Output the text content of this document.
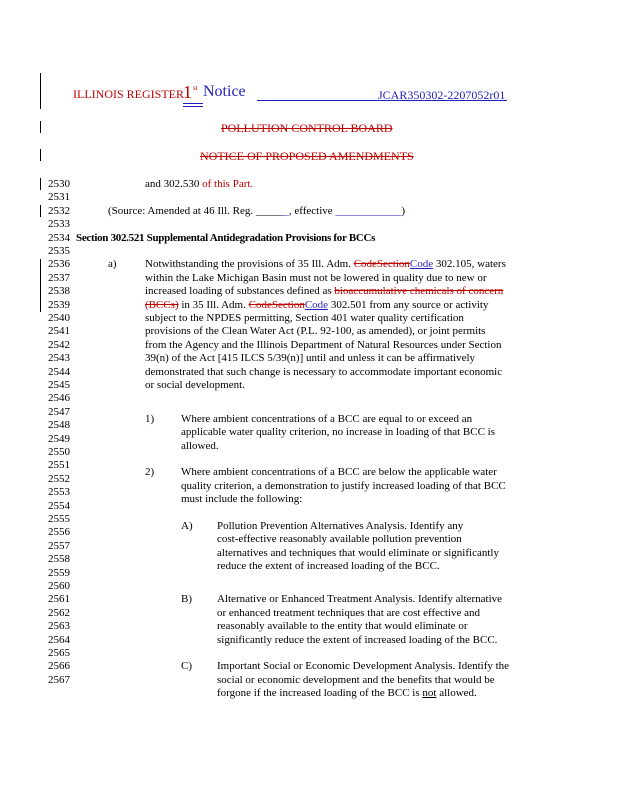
ILLINOIS REGISTER 1 st Notice	JCAR350302-2207052r01
POLLUTION CONTROL BOARD
NOTICE OF PROPOSED AMENDMENTS
2530
2531
2532
2533
2534
2535
2536
2537
2538
2539
2540
2541
2542
2543
2544
2545
2546
2547
2548
2549
2550
2551
2552
2553
2554
2555
2556
2557
2558
2559
2560
2561
2562
2563
2564
2565
2566
2567
and 302.530 of this Part.
(Source: Amended at 46 Ill. Reg. ______, effective ____________)
Section 302.521 Supplemental Antidegradation Provisions for BCCs
a)	Notwithstanding the provisions of 35 Ill. Adm. CodeSectionCode 302.105, waters
within the Lake Michigan Basin must not be lowered in quality due to new or
increased loading of substances defined as bioaccumulative chemicals of concern
(BCCs) in 35 Ill. Adm. CodeSectionCode 302.501 from any source or activity
subject to the NPDES permitting, Section 401 water quality certification
provisions of the Clean Water Act (P.L. 92-100, as amended), or joint permits
from the Agency and the Illinois Department of Natural Resources under Section
39(n) of the Act [415 ILCS 5/39(n)] until and unless it can be affirmatively
demonstrated that such change is necessary to accommodate important economic
or social development.
1) Where ambient concentrations of a BCC are equal to or exceed an
applicable water quality criterion, no increase in loading of that BCC is
allowed.
2) Where ambient concentrations of a BCC are below the applicable water
quality criterion, a demonstration to justify increased loading of that BCC
must include the following:
A) Pollution Prevention Alternatives Analysis. Identify any
cost-effective reasonably available pollution prevention
alternatives and techniques that would eliminate or significantly
reduce the extent of increased loading of the BCC.
B) Alternative or Enhanced Treatment Analysis. Identify alternative
or enhanced treatment techniques that are cost effective and
reasonably available to the entity that would eliminate or
significantly reduce the extent of increased loading of the BCC.
C) Important Social or Economic Development Analysis. Identify the
social or economic development and the benefits that would be
forgone if the increased loading of the BCC is not allowed.
